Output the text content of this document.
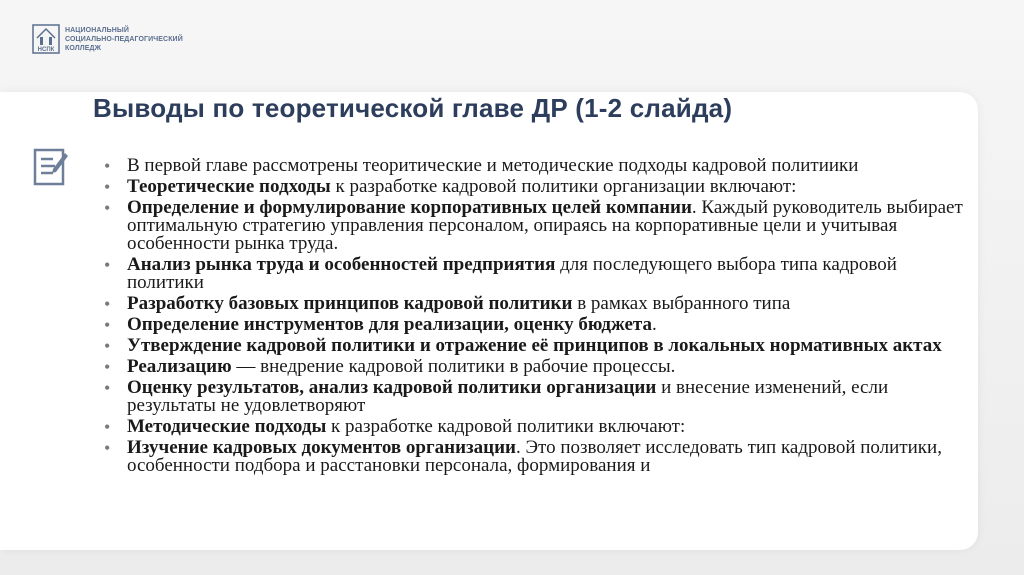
НСПК
НАЦИОНАЛЬНЫЙ
СОЦИАЛЬНО-ПЕДАГОГИЧЕСКИЙ
КОЛЛЕДЖ
Выводы по теоретической главе ДР (1-2 слайда)
• В первой главе рассмотрены теоритические и методические подходы кадровой политиики
• Теоретические подходы к разработке кадровой политики организации включают:
• Определение и формулирование корпоративных целей компании. Каждый руководитель выбирает оптимальную стратегию управления персоналом, опираясь на корпоративные цели и учитывая особенности рынка труда.
• Анализ рынка труда и особенностей предприятия для последующего выбора типа кадровой политики
• Разработку базовых принципов кадровой политики в рамках выбранного типа
• Определение инструментов для реализации, оценку бюджета.
• Утверждение кадровой политики и отражение её принципов в локальных нормативных актах
• Реализацию — внедрение кадровой политики в рабочие процессы.
• Оценку результатов, анализ кадровой политики организации и внесение изменений, если результаты не удовлетворяют
• Методические подходы к разработке кадровой политики включают:
• Изучение кадровых документов организации. Это позволяет исследовать тип кадровой политики, особенности подбора и расстановки персонала, формирования и
